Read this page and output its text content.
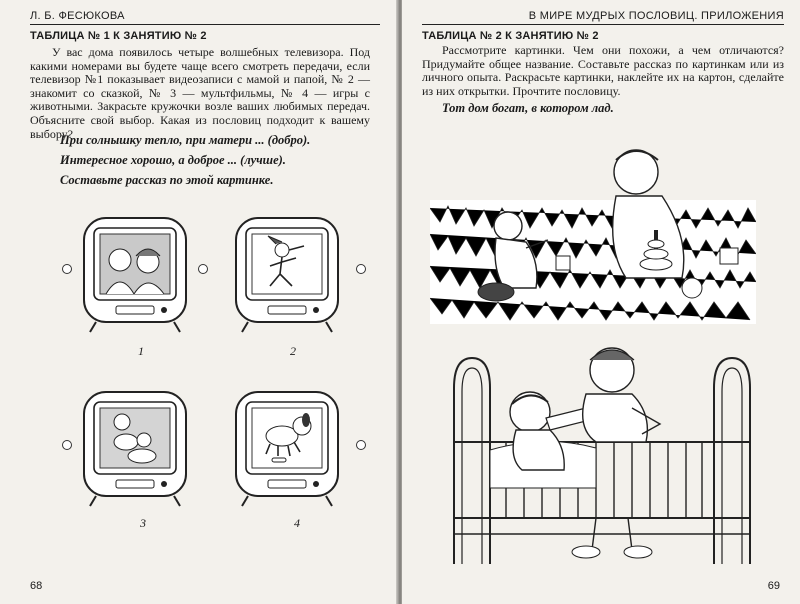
Л. Б. ФЕСЮКОВА
ТАБЛИЦА № 1 К ЗАНЯТИЮ № 2
У вас дома появилось четыре волшебных телевизора. Под какими номерами вы будете чаще всего смотреть передачи, если телевизор №1 показывает видеозаписи с мамой и папой, № 2 — знакомит со сказкой, № 3 — мультфильмы, № 4 — игры с животными. Закрасьте кружочки возле ваших любимых передач. Объясните свой выбор. Какая из пословиц подходит к вашему выбору?
При солнышку тепло, при матери ... (добро).
Интересное хорошо, а доброе ... (лучше).
Составьте рассказ по этой картинке.
1	2
3	4
68
В МИРЕ МУДРЫХ ПОСЛОВИЦ. ПРИЛОЖЕНИЯ
ТАБЛИЦА № 2 К ЗАНЯТИЮ № 2
Рассмотрите картинки. Чем они похожи, а чем отличаются? Придумайте общее название. Составьте рассказ по картинкам или из личного опыта. Раскрасьте картинки, наклейте их на картон, сделайте из них открытки. Прочтите пословицу.
Тот дом богат, в котором лад.
69
